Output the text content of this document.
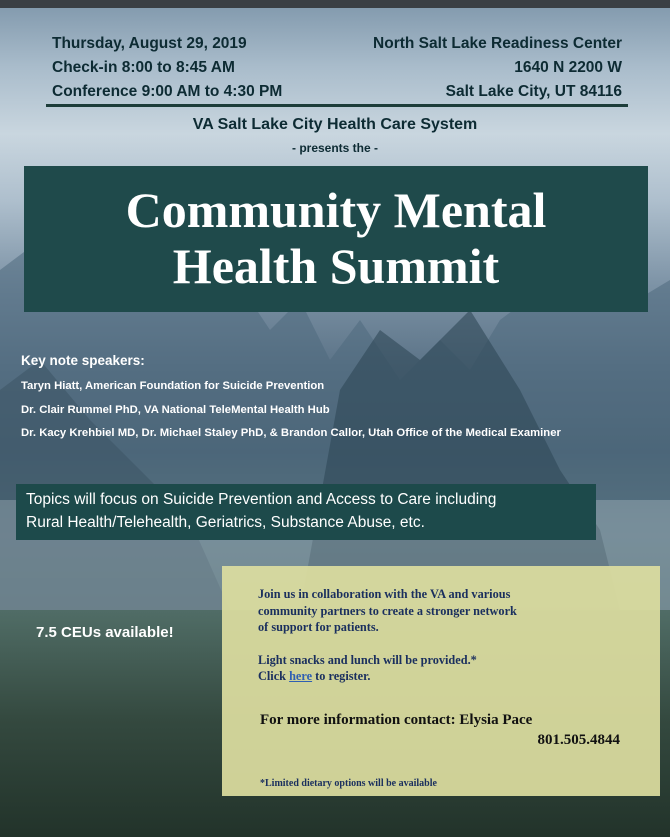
Thursday, August 29, 2019
Check-in 8:00 to 8:45 AM
Conference 9:00 AM to 4:30 PM
North Salt Lake Readiness Center
1640 N 2200 W
Salt Lake City, UT 84116
VA Salt Lake City Health Care System
- presents the -
Community Mental
Health Summit
Key note speakers:
Taryn Hiatt, American Foundation for Suicide Prevention
Dr. Clair Rummel PhD, VA National TeleMental Health Hub
Dr. Kacy Krehbiel MD, Dr. Michael Staley PhD, & Brandon Callor, Utah Office of the Medical Examiner
Topics will focus on Suicide Prevention and Access to Care including
Rural Health/Telehealth, Geriatrics, Substance Abuse, etc.
7.5 CEUs available!
Join us in collaboration with the VA and various
community partners to create a stronger network
of support for patients.
Light snacks and lunch will be provided.*
Click here to register.
For more information contact: Elysia Pace
801.505.4844
*Limited dietary options will be available
